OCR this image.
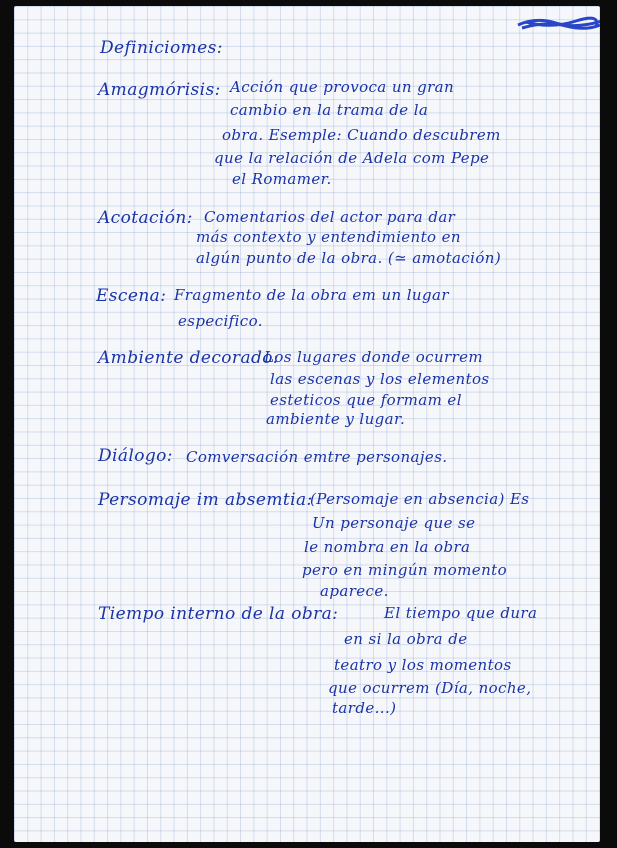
Definiciomes:
Amagmórisis: Acción que provoca un gran
cambio en la trama de la
obra. Esemple: Cuando descubrem
que la relación de Adela com Pepe
el Romamer.
Acotación: Comentarios del actor para dar
más contexto y entendimiento en
algún punto de la obra. (≃ amotación)
Escena: Fragmento de la obra em un lugar
especifico.
Ambiente decorado:
Los lugares donde ocurrem
las escenas y los elementos
esteticos que formam el
ambiente y lugar.
Diálogo: Comversación emtre personajes.
Persomaje im absemtia:
(Persomaje en absencia) Es
Un personaje que se
le nombra en la obra
pero en mingún momento
aparece.
Tiempo interno de la obra:	El tiempo que dura
en si la obra de
teatro y los momentos
que ocurrem (Día, noche,
tarde...)
